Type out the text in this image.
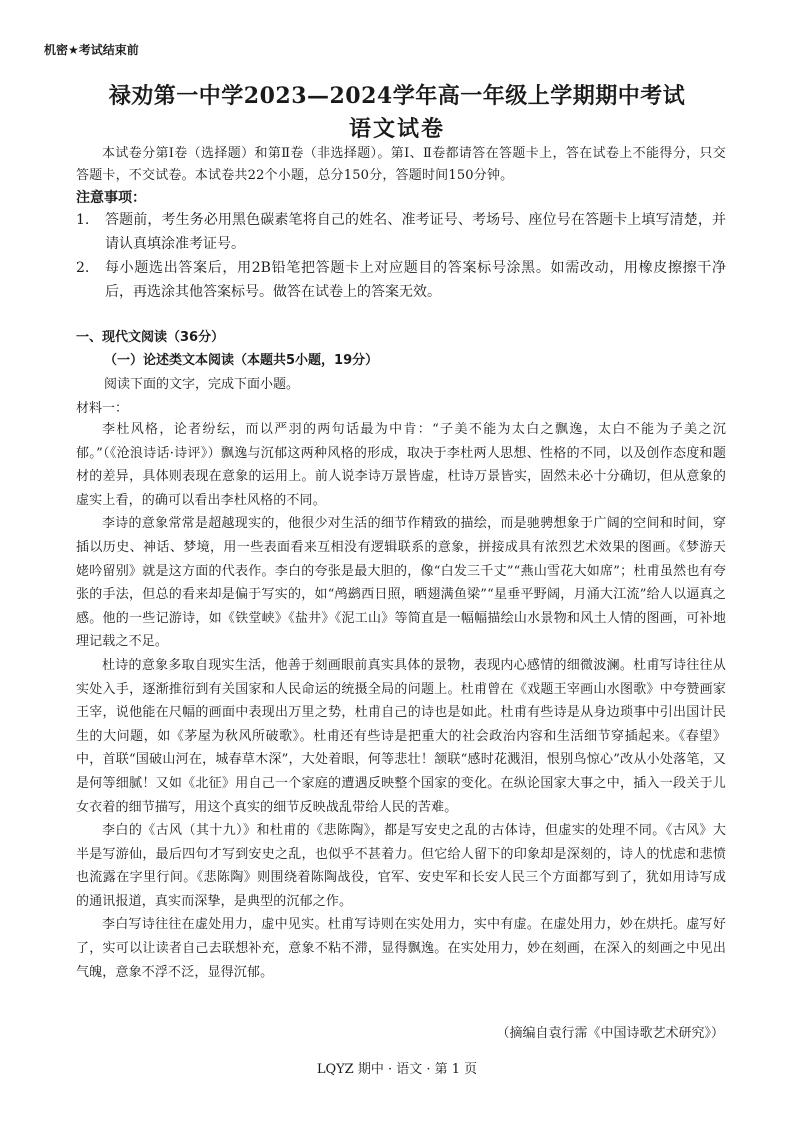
机密★考试结束前
禄劝第一中学2023—2024学年高一年级上学期期中考试
语文试卷

本试卷分第Ⅰ卷（选择题）和第Ⅱ卷（非选择题）。第Ⅰ、Ⅱ卷都请答在答题卡上，答在试卷上不能得分，只交答题卡，不交试卷。本试卷共22个小题，总分150分，答题时间150分钟。

注意事项：
1. 答题前，考生务必用黑色碳素笔将自己的姓名、准考证号、考场号、座位号在答题卡上填写清楚，并请认真填涂准考证号。
2. 每小题选出答案后，用2B铅笔把答题卡上对应题目的答案标号涂黑。如需改动，用橡皮擦擦干净后，再选涂其他答案标号。做答在试卷上的答案无效。
一、现代文阅读（36分）
（一）论述类文本阅读（本题共5小题，19分）
阅读下面的文字，完成下面小题。
材料一：

李杜风格，论者纷纭，而以严羽的两句话最为中肯：“子美不能为太白之飘逸，太白不能为子美之沉郁。”（《沧浪诗话·诗评》）飘逸与沉郁这两种风格的形成，取决于李杜两人思想、性格的不同，以及创作态度和题材的差异，具体则表现在意象的运用上。前人说李诗万景皆虚，杜诗万景皆实，固然未必十分确切，但从意象的虚实上看，的确可以看出李杜风格的不同。

李诗的意象常常是超越现实的，他很少对生活的细节作精致的描绘，而是驰骋想象于广阔的空间和时间，穿插以历史、神话、梦境，用一些表面看来互相没有逻辑联系的意象，拼接成具有浓烈艺术效果的图画。《梦游天姥吟留别》就是这方面的代表作。李白的夸张是最大胆的，像“白发三千丈”“燕山雪花大如席”；杜甫虽然也有夸张的手法，但总的看来却是偏于写实的，如“鸬鹚西日照，晒翅满鱼梁”“星垂平野阔，月涌大江流”给人以逼真之感。他的一些记游诗，如《铁堂峡》《盐井》《泥工山》等简直是一幅幅描绘山水景物和风土人情的图画，可补地理记载之不足。

杜诗的意象多取自现实生活，他善于刻画眼前真实具体的景物，表现内心感情的细微波澜。杜甫写诗往往从实处入手，逐渐推衍到有关国家和人民命运的统摄全局的问题上。杜甫曾在《戏题王宰画山水图歌》中夸赞画家王宰，说他能在尺幅的画面中表现出万里之势，杜甫自己的诗也是如此。杜甫有些诗是从身边琐事中引出国计民生的大问题，如《茅屋为秋风所破歌》。杜甫还有些诗是把重大的社会政治内容和生活细节穿插起来。《春望》中，首联“国破山河在，城春草木深”，大处着眼，何等悲壮！颔联“感时花溅泪，恨别鸟惊心”改从小处落笔，又是何等细腻！又如《北征》用自己一个家庭的遭遇反映整个国家的变化。在纵论国家大事之中，插入一段关于儿女衣着的细节描写，用这个真实的细节反映战乱带给人民的苦难。

李白的《古风（其十九）》和杜甫的《悲陈陶》，都是写安史之乱的古体诗，但虚实的处理不同。《古风》大半是写游仙，最后四句才写到安史之乱，也似乎不甚着力。但它给人留下的印象却是深刻的，诗人的忧虑和悲愤也流露在字里行间。《悲陈陶》则围绕着陈陶战役，官军、安史军和长安人民三个方面都写到了，犹如用诗写成的通讯报道，真实而深挚，是典型的沉郁之作。

李白写诗往往在虚处用力，虚中见实。杜甫写诗则在实处用力，实中有虚。在虚处用力，妙在烘托。虚写好了，实可以让读者自己去联想补充，意象不粘不滞，显得飘逸。在实处用力，妙在刻画，在深入的刻画之中见出气魄，意象不浮不泛，显得沉郁。

（摘编自袁行霈《中国诗歌艺术研究》）
LQYZ 期中 · 语文 · 第 1 页
